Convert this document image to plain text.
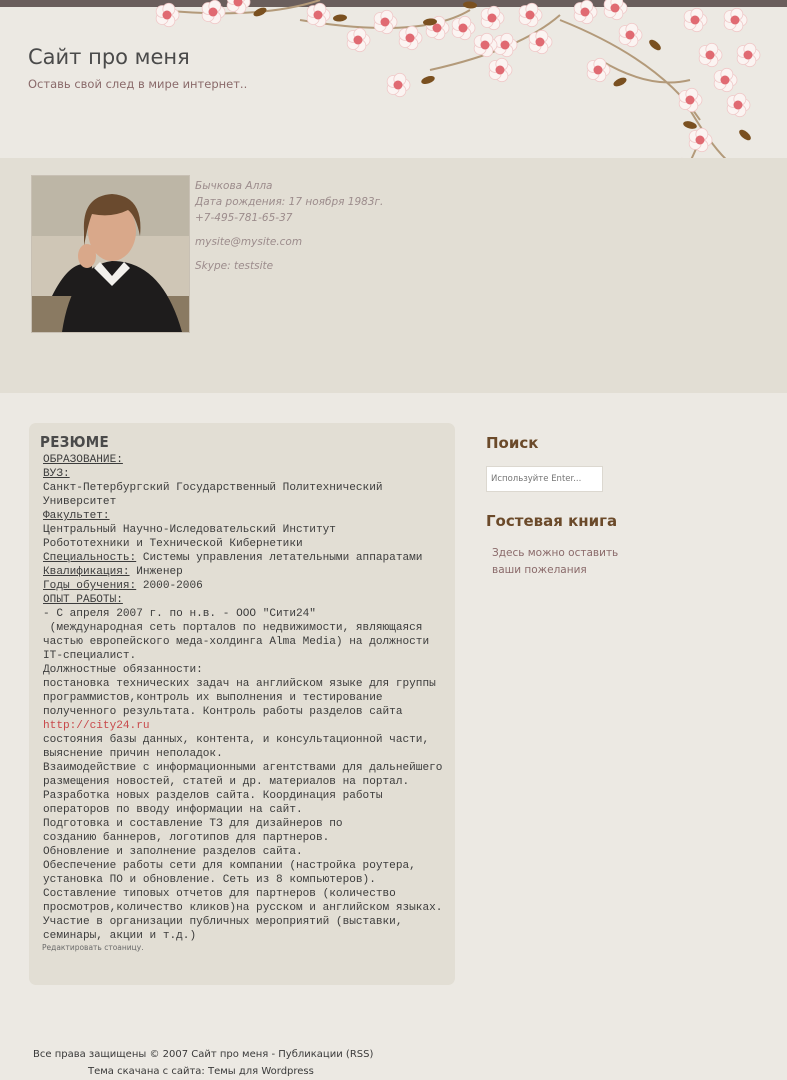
Сайт про меня
Оставь свой след в мире интернет..
Бычкова Алла
Дата рождения: 17 ноября 1983г.
+7-495-781-65-37
mysite@mysite.com
Skype: testsite
РЕЗЮМЕ
ОБРАЗОВАНИЕ:
ВУЗ:
Санкт-Петербургский Государственный Политехнический
Университет
Факультет:
Центральный Научно-Иследовательский Институт
Робототехники и Технической Кибернетики
Специальность: Системы управления летательными аппаратами
Квалификация: Инженер
Годы обучения: 2000-2006
ОПЫТ РАБОТЫ:
- С апреля 2007 г. по н.в. - ООО "Сити24"
(международная сеть порталов по недвижимости, являющаяся
частью европейского меда-холдинга Alma Media) на должности
IT-специалист.
Должностные обязанности:
постановка технических задач на английском языке для группы
программистов,контроль их выполнения и тестирование
полученного результата. Контроль работы разделов сайта
http://city24.ru
состояния базы данных, контента, и консультационной части,
выяснение причин неполадок.
Взаимодействие с информационными агентствами для дальнейшего
размещения новостей, статей и др. материалов на портал.
Разработка новых разделов сайта. Координация работы
операторов по вводу информации на сайт.
Подготовка и составление ТЗ для дизайнеров по
созданию баннеров, логотипов для партнеров.
Обновление и заполнение разделов сайта.
Обеспечение работы сети для компании (настройка роутера,
установка ПО и обновление. Сеть из 8 компьютеров).
Составление типовых отчетов для партнеров (количество
просмотров,количество кликов)на русском и английском языках.
Участие в организации публичных мероприятий (выставки,
семинары, акции и т.д.)
Редактировать стоаницу.
Поиск
Используйте Enter...
Гостевая книга
Здесь можно оставить ваши пожелания
Все права защищены © 2007 Сайт про меня - Публикации (RSS)
Тема скачана с сайта: Темы для Wordpress
